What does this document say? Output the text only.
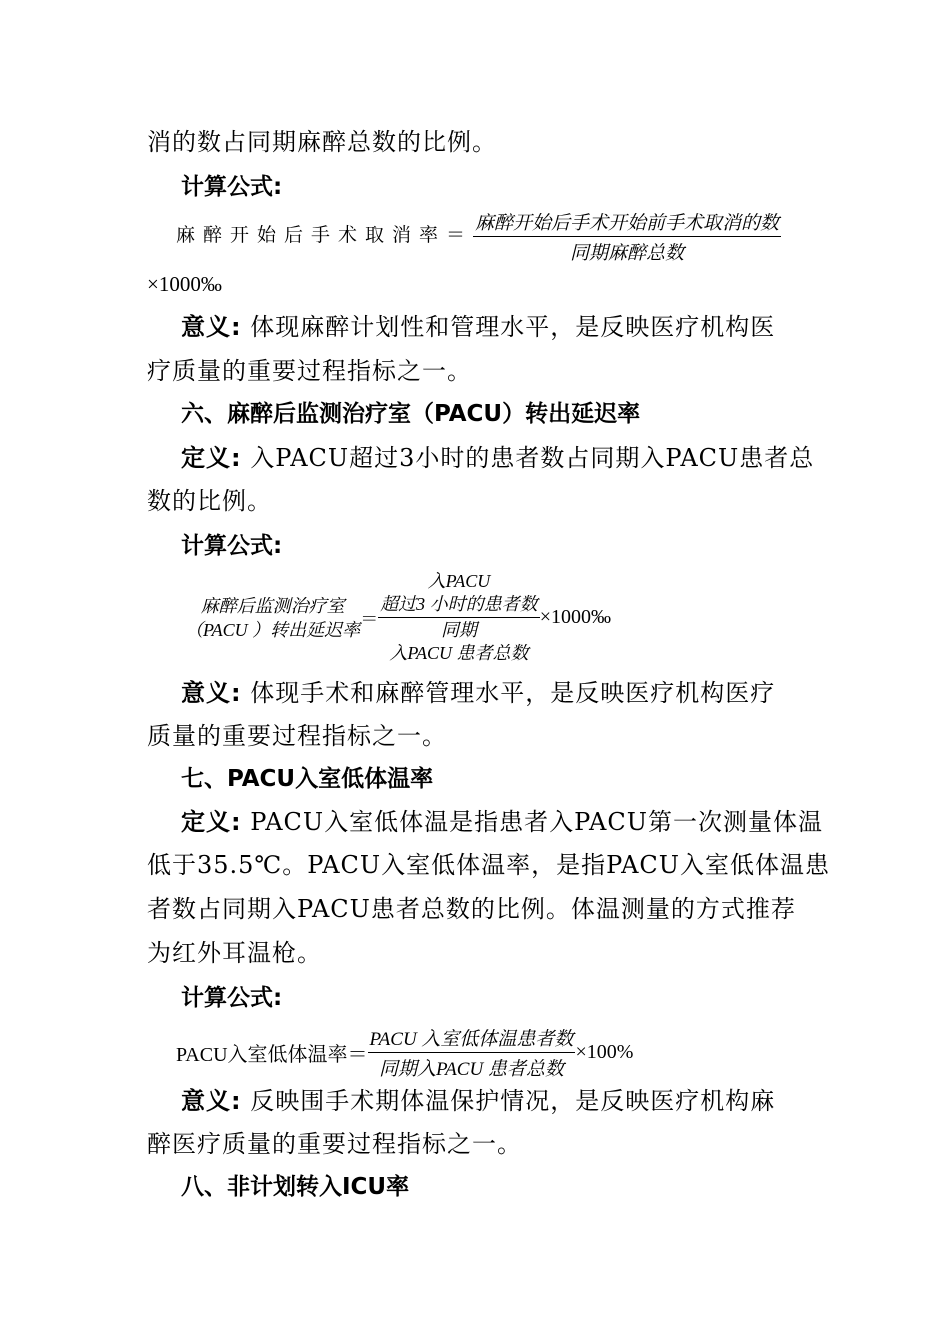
消的数占同期麻醉总数的比例。
计算公式:
麻醉开始后手术取消率＝ $\frac{\text{麻醉开始后手术开始前手术取消的数}}{\text{同期麻醉总数}}$
×1000‰
意义: 体现麻醉计划性和管理水平，是反映医疗机构医
疗质量的重要过程指标之一。
六、麻醉后监测治疗室（PACU）转出延迟率
定义: 入PACU超过3小时的患者数占同期入PACU患者总
数的比例。
计算公式:
麻醉后监测治疗室
（PACU ）转出延迟率
＝
入PACU
超过3 小时的患者数
同期
入PACU 患者总数
×1000‰
意义: 体现手术和麻醉管理水平，是反映医疗机构医疗
质量的重要过程指标之一。
七、PACU入室低体温率
定义: PACU入室低体温是指患者入PACU第一次测量体温
低于35.5℃。PACU入室低体温率，是指PACU入室低体温患
者数占同期入PACU患者总数的比例。体温测量的方式推荐
为红外耳温枪。
计算公式:
PACU入室低体温率＝ $\frac{\text{PACU 入室低体温患者数}}{\text{同期入PACU 患者总数}} \times 100\%$
意义: 反映围手术期体温保护情况，是反映医疗机构麻
醉医疗质量的重要过程指标之一。
八、非计划转入ICU率
